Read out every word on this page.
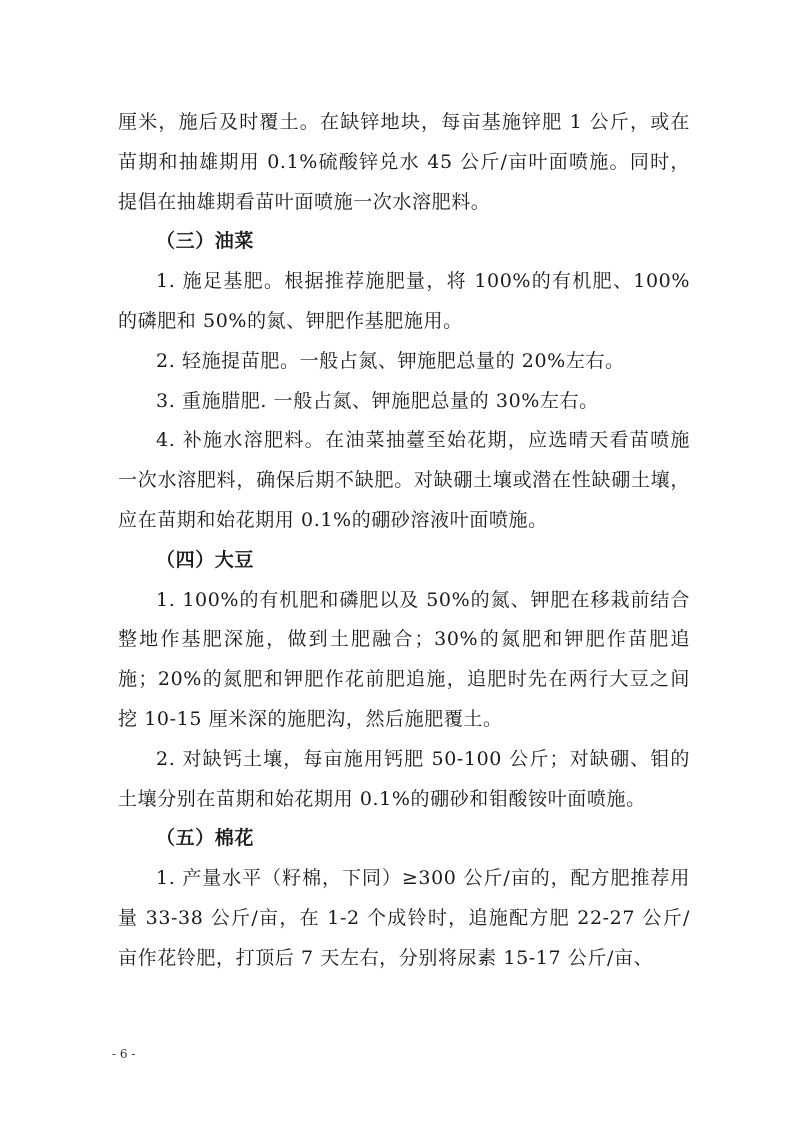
厘米，施后及时覆土。在缺锌地块，每亩基施锌肥 1 公斤，或在苗期和抽雄期用 0.1%硫酸锌兑水 45 公斤/亩叶面喷施。同时，提倡在抽雄期看苗叶面喷施一次水溶肥料。

（三）油菜

1. 施足基肥。根据推荐施肥量，将 100%的有机肥、100%的磷肥和 50%的氮、钾肥作基肥施用。

2. 轻施提苗肥。一般占氮、钾施肥总量的 20%左右。

3. 重施腊肥. 一般占氮、钾施肥总量的 30%左右。

4. 补施水溶肥料。在油菜抽薹至始花期，应选晴天看苗喷施一次水溶肥料，确保后期不缺肥。对缺硼土壤或潜在性缺硼土壤，应在苗期和始花期用 0.1%的硼砂溶液叶面喷施。

（四）大豆

1. 100%的有机肥和磷肥以及 50%的氮、钾肥在移栽前结合整地作基肥深施，做到土肥融合；30%的氮肥和钾肥作苗肥追施；20%的氮肥和钾肥作花前肥追施，追肥时先在两行大豆之间挖 10-15 厘米深的施肥沟，然后施肥覆土。

2. 对缺钙土壤，每亩施用钙肥 50-100 公斤；对缺硼、钼的土壤分别在苗期和始花期用 0.1%的硼砂和钼酸铵叶面喷施。

（五）棉花

1. 产量水平（籽棉，下同）≥300 公斤/亩的，配方肥推荐用量 33-38 公斤/亩，在 1-2 个成铃时，追施配方肥 22-27 公斤/亩作花铃肥，打顶后 7 天左右，分别将尿素 15-17 公斤/亩、

- 6 -
